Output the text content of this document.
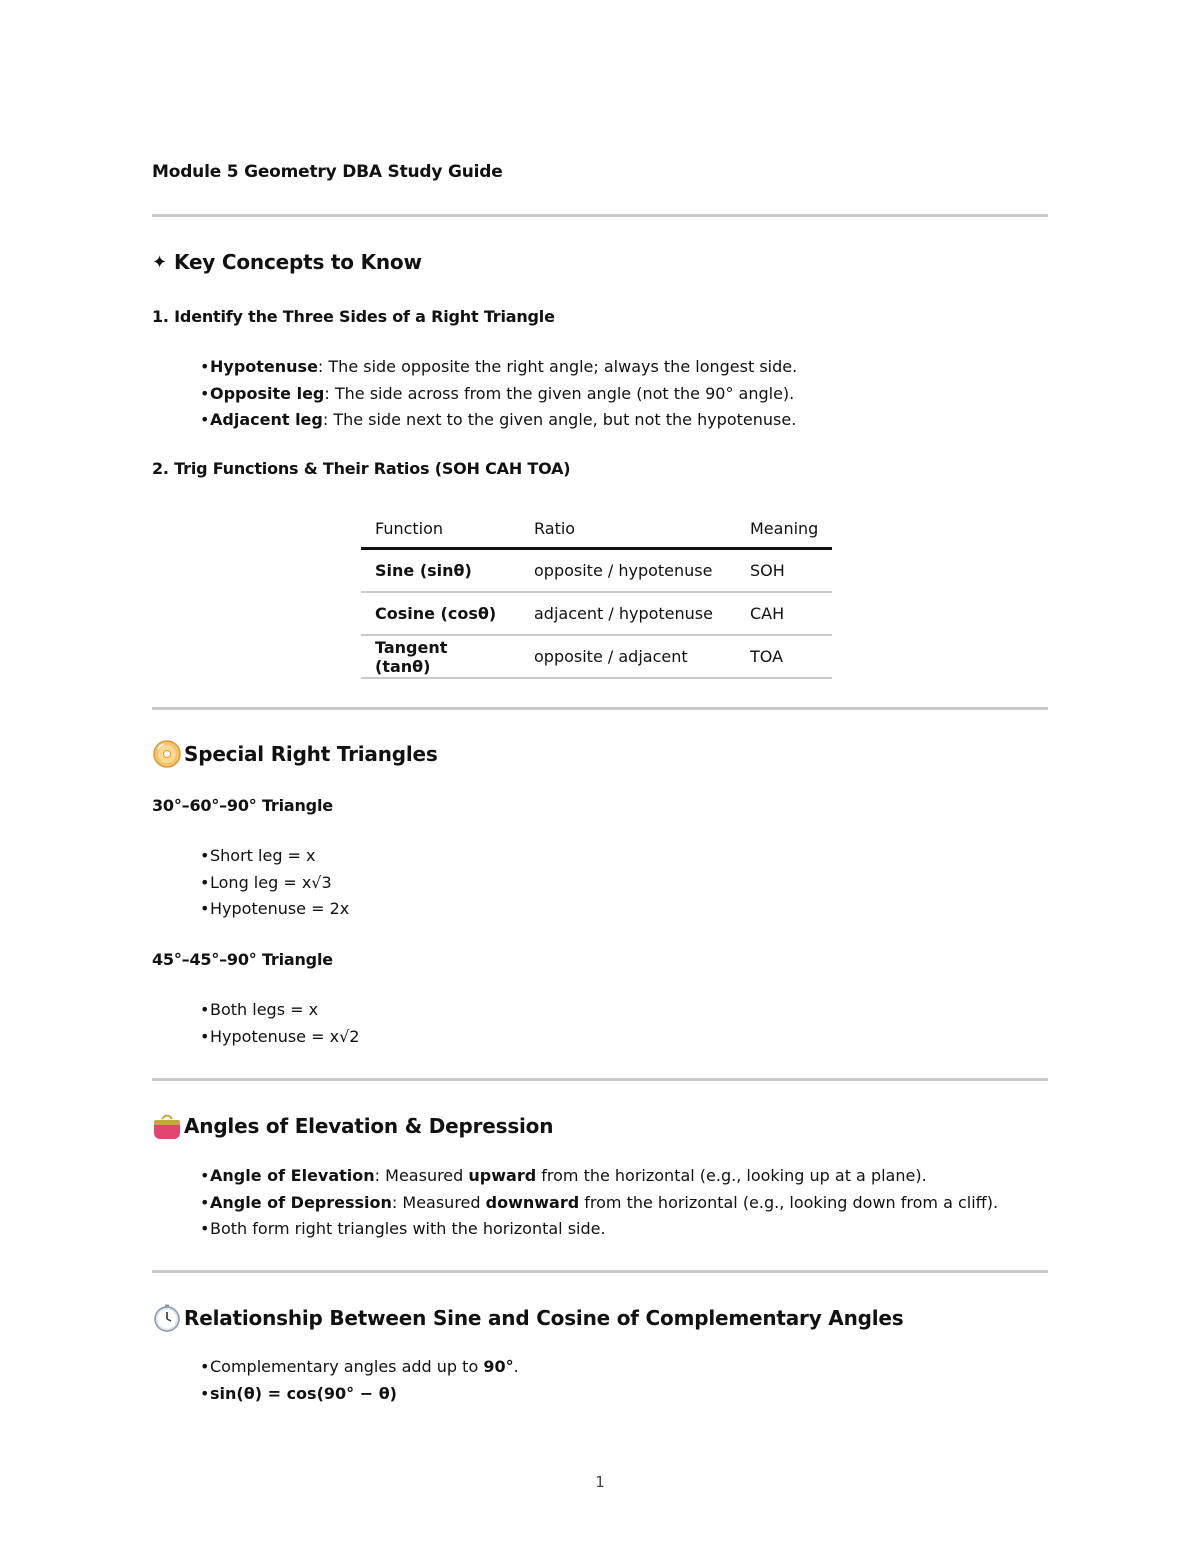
Module 5 Geometry DBA Study Guide
✦ Key Concepts to Know
1. Identify the Three Sides of a Right Triangle
•Hypotenuse: The side opposite the right angle; always the longest side.
•Opposite leg: The side across from the given angle (not the 90° angle).
•Adjacent leg: The side next to the given angle, but not the hypotenuse.
2. Trig Functions & Their Ratios (SOH CAH TOA)
Function	Ratio	Meaning
Sine (sinθ)	opposite / hypotenuse	SOH
Cosine (cosθ)	adjacent / hypotenuse	CAH
Tangent (tanθ)	opposite / adjacent	TOA
Special Right Triangles
30°–60°–90° Triangle
•Short leg = x
•Long leg = x√3
•Hypotenuse = 2x
45°–45°–90° Triangle
•Both legs = x
•Hypotenuse = x√2
Angles of Elevation & Depression
•Angle of Elevation: Measured upward from the horizontal (e.g., looking up at a plane).
•Angle of Depression: Measured downward from the horizontal (e.g., looking down from a cliff).
•Both form right triangles with the horizontal side.
Relationship Between Sine and Cosine of Complementary Angles
•Complementary angles add up to 90°.
•sin(θ) = cos(90° − θ)
1
